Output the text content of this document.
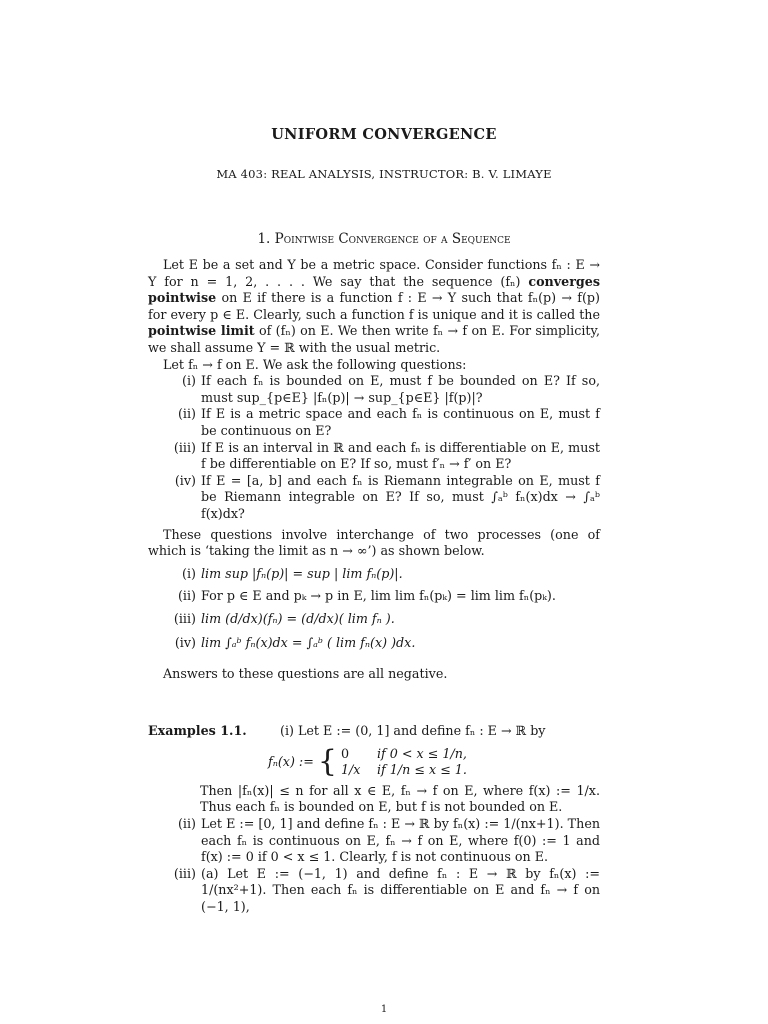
UNIFORM CONVERGENCE
MA 403: REAL ANALYSIS, INSTRUCTOR: B. V. LIMAYE
1. Pointwise Convergence of a Sequence

Let E be a set and Y be a metric space. Consider functions fₙ : E → Y for n = 1, 2, . . . . We say that the sequence (fₙ) converges pointwise on E if there is a function f : E → Y such that fₙ(p) → f(p) for every p ∈ E. Clearly, such a function f is unique and it is called the pointwise limit of (fₙ) on E. We then write fₙ → f on E. For simplicity, we shall assume Y = ℝ with the usual metric.

Let fₙ → f on E. We ask the following questions:

(i) If each fₙ is bounded on E, must f be bounded on E? If so, must sup_{p∈E} |fₙ(p)| → sup_{p∈E} |f(p)|?
(ii) If E is a metric space and each fₙ is continuous on E, must f be continuous on E?
(iii) If E is an interval in ℝ and each fₙ is differentiable on E, must f be differentiable on E? If so, must f′ₙ → f′ on E?
(iv) If E = [a, b] and each fₙ is Riemann integrable on E, must f be Riemann integrable on E? If so, must ∫ₐᵇ fₙ(x)dx → ∫ₐᵇ f(x)dx?

These questions involve interchange of two processes (one of which is ‘taking the limit as n → ∞’) as shown below.

(i) lim sup |fₙ(p)| = sup | lim fₙ(p)|.
(ii) For p ∈ E and pₖ → p in E, lim lim fₙ(pₖ) = lim lim fₙ(pₖ).
(iii) lim (d/dx)(fₙ) = (d/dx)( lim fₙ ).
(iv) lim ∫ₐᵇ fₙ(x)dx = ∫ₐᵇ ( lim fₙ(x) )dx.

Answers to these questions are all negative.

Examples 1.1.	(i) Let E := (0, 1] and define fₙ : E → ℝ by
fₙ(x) := { 0	if 0 < x ≤ 1/n,
1/x	if 1/n ≤ x ≤ 1.
Then |fₙ(x)| ≤ n for all x ∈ E, fₙ → f on E, where f(x) := 1/x. Thus each fₙ is bounded on E, but f is not bounded on E.
(ii) Let E := [0, 1] and define fₙ : E → ℝ by fₙ(x) := 1/(nx+1). Then each fₙ is continuous on E, fₙ → f on E, where f(0) := 1 and f(x) := 0 if 0 < x ≤ 1. Clearly, f is not continuous on E.
(iii) (a) Let E := (−1, 1) and define fₙ : E → ℝ by fₙ(x) := 1/(nx²+1). Then each fₙ is differentiable on E and fₙ → f on (−1, 1),
1
